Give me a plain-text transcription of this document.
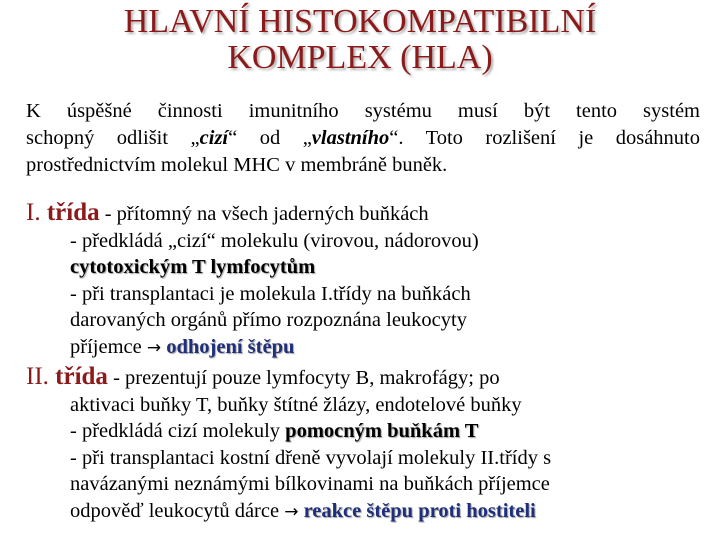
HLAVNÍ HISTOKOMPATIBILNÍ
KOMPLEX (HLA)
K úspěšné činnosti imunitního systému musí být tento systém
schopný odlišit „cizí“ od „vlastního“. Toto rozlišení je dosáhnuto
prostřednictvím molekul MHC v membráně buněk.
I. třída - přítomný na všech jaderných buňkách
- předkládá „cizí“ molekulu (virovou, nádorovou)
cytotoxickým T lymfocytům
- při transplantaci je molekula I.třídy na buňkách
darovaných orgánů přímo rozpoznána leukocyty
příjemce → odhojení štěpu
II. třída - prezentují pouze lymfocyty B, makrofágy; po
aktivaci buňky T, buňky štítné žlázy, endotelové buňky
- předkládá cizí molekuly pomocným buňkám T
- při transplantaci kostní dřeně vyvolají molekuly II.třídy s
navázanými neznámými bílkovinami na buňkách příjemce
odpověď leukocytů dárce → reakce štěpu proti hostiteli
